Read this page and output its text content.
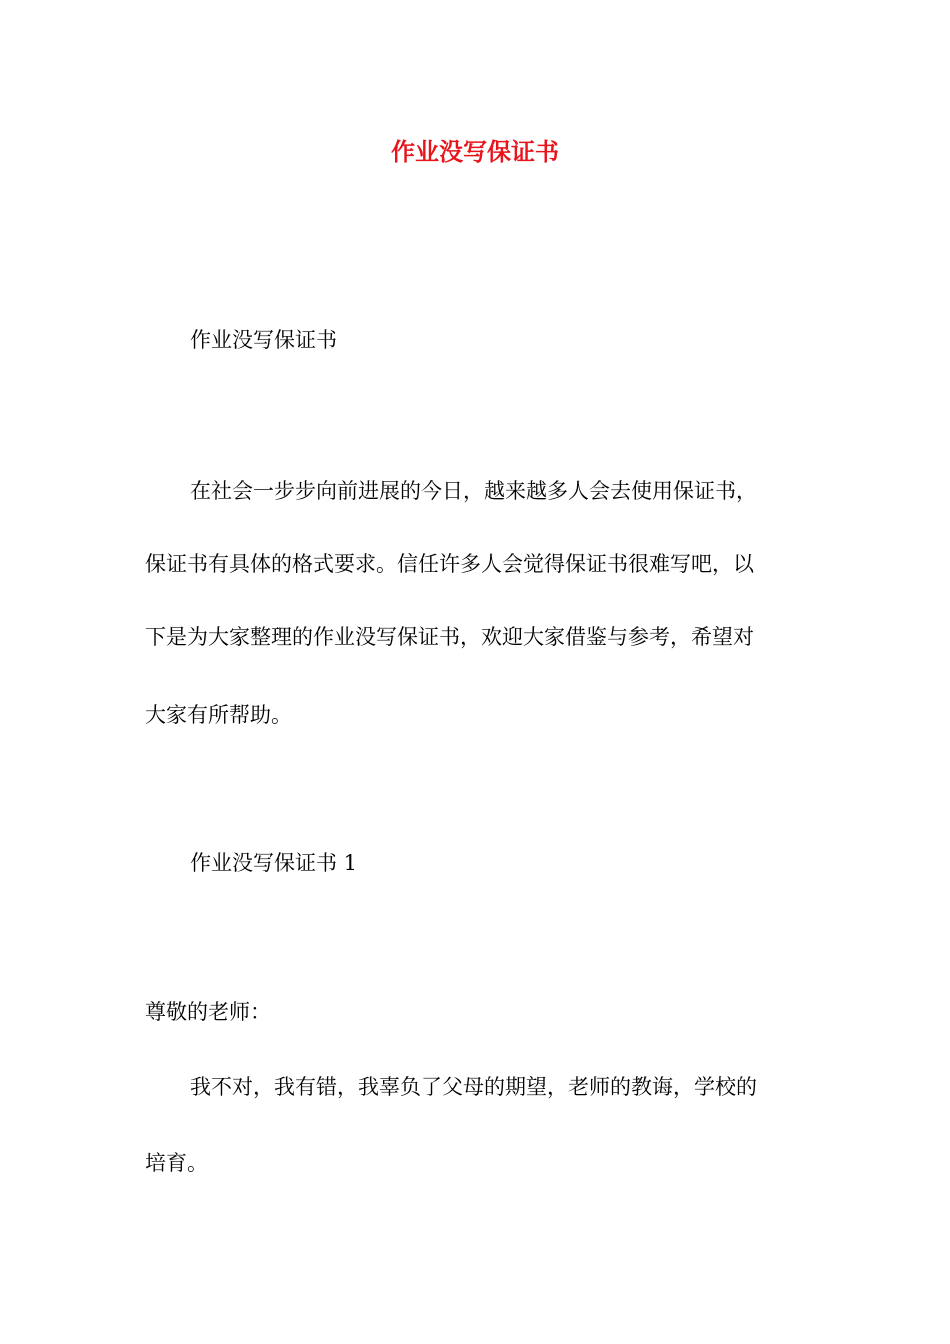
作业没写保证书
作业没写保证书
在社会一步步向前进展的今日，越来越多人会去使用保证书，
保证书有具体的格式要求。信任许多人会觉得保证书很难写吧，以
下是为大家整理的作业没写保证书，欢迎大家借鉴与参考，希望对
大家有所帮助。
作业没写保证书 1
尊敬的老师：
我不对，我有错，我辜负了父母的期望，老师的教诲，学校的
培育。
